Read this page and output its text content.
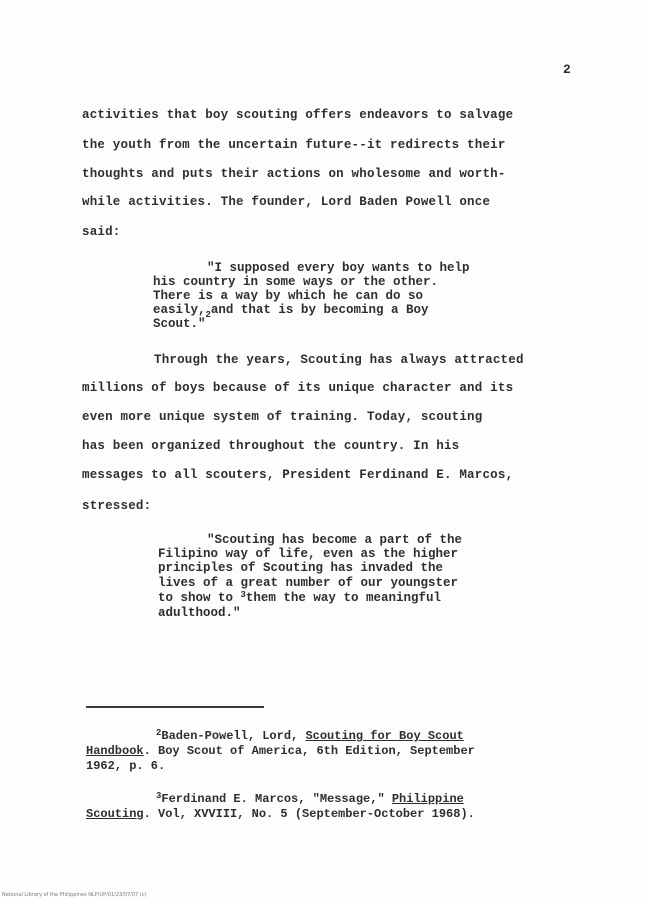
2
activities that boy scouting offers endeavors to salvage
the youth from the uncertain future--it redirects their
thoughts and puts their actions on wholesome and worth-
while activities. The founder, Lord Baden Powell once
said:
"I supposed every boy wants to help
his country in some ways or the other.
There is a way by which he can do so
$easily,_2and$ that is by becoming a Boy
Scout."
Through the years, Scouting has always attracted
millions of boys because of its unique character and its
even more unique system of training. Today, scouting
has been organized throughout the country. In his
messages to all scouters, President Ferdinand E. Marcos,
stressed:
"Scouting has become a part of the
Filipino way of life, even as the higher
principles of Scouting has invaded the
lives of a great number of our youngster
to show to $^3$them the way to meaningful
adulthood."
$^2$Baden-Powell, Lord, Scouting for Boy Scout
Handbook. Boy Scout of America, 6th Edition, September
1962, p. 6.
$^3$Ferdinand E. Marcos, "Message," Philippine
Scouting. Vol, XVVIII, No. 5 (September-October 1968).
National Library of the Philippines NLP/UP/01/23/07/07 (c)
